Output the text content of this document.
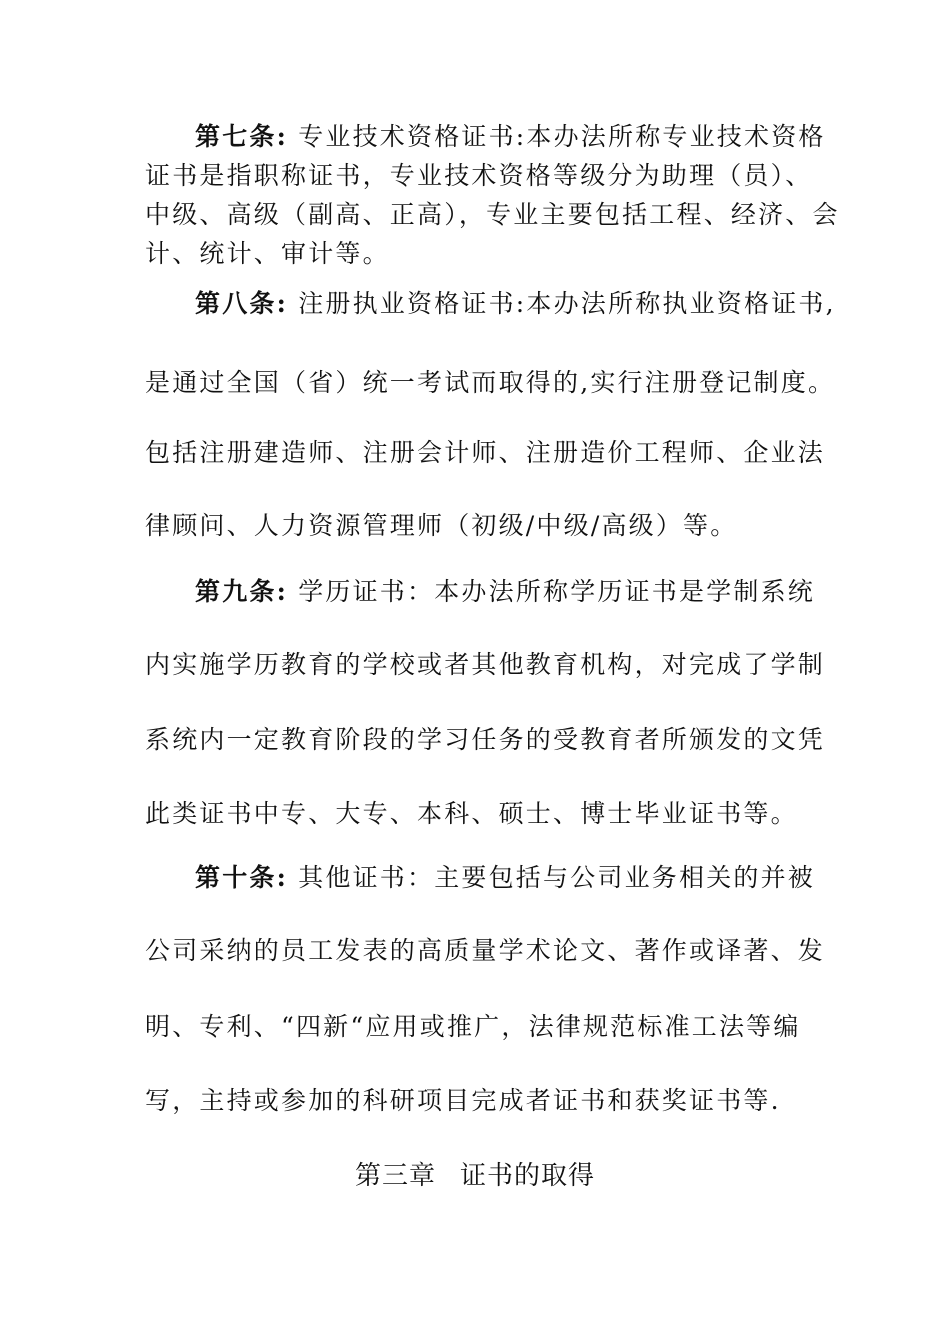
第七条: 专业技术资格证书:本办法所称专业技术资格
证书是指职称证书，专业技术资格等级分为助理（员）、
中级、高级（副高、正高），专业主要包括工程、经济、会
计、统计、审计等。
第八条: 注册执业资格证书:本办法所称执业资格证书,
是通过全国（省）统一考试而取得的,实行注册登记制度。
包括注册建造师、注册会计师、注册造价工程师、企业法
律顾问、人力资源管理师（初级/中级/高级）等。
第九条: 学历证书：本办法所称学历证书是学制系统
内实施学历教育的学校或者其他教育机构，对完成了学制
系统内一定教育阶段的学习任务的受教育者所颁发的文凭
此类证书中专、大专、本科、硕士、博士毕业证书等。
第十条: 其他证书：主要包括与公司业务相关的并被
公司采纳的员工发表的高质量学术论文、著作或译著、发
明、专利、“四新“应用或推广，法律规范标准工法等编
写，主持或参加的科研项目完成者证书和获奖证书等.
第三章 证书的取得
